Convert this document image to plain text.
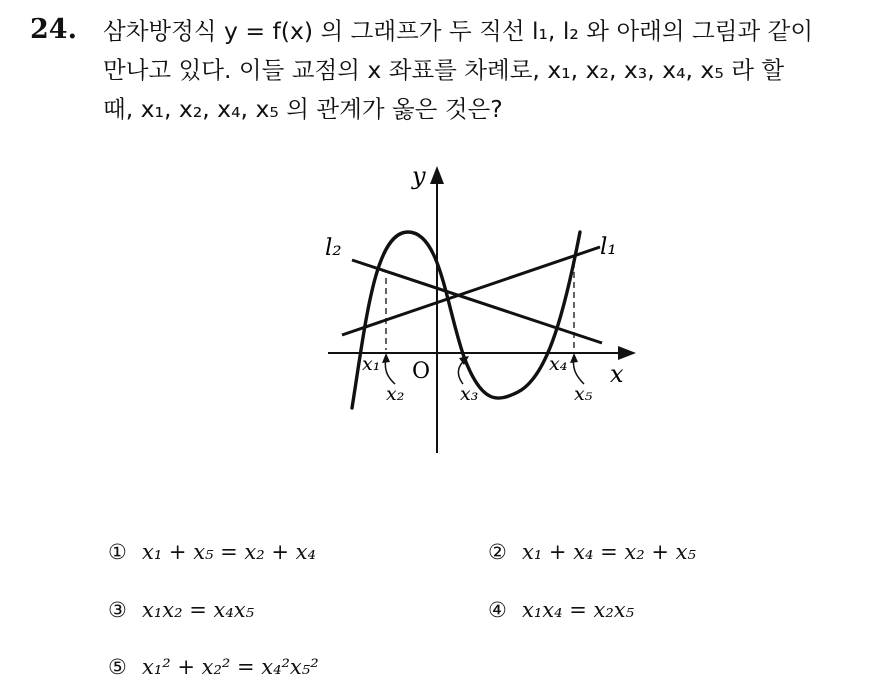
24. 삼차방정식 y = f(x) 의 그래프가 두 직선 l₁, l₂ 와 아래의 그림과 같이
만나고 있다. 이들 교점의 x 좌표를 차례로, x₁, x₂, x₃, x₄, x₅ 라 할
때, x₁, x₂, x₄, x₅ 의 관계가 옳은 것은?
y
x
O
l₁
l₂
x₁
x₂	x₃
x₄
x₅
① x₁ + x₅ = x₂ + x₄	② x₁ + x₄ = x₂ + x₅
③ x₁x₂ = x₄x₅	④ x₁x₄ = x₂x₅
⑤ x₁² + x₂² = x₄²x₅²
